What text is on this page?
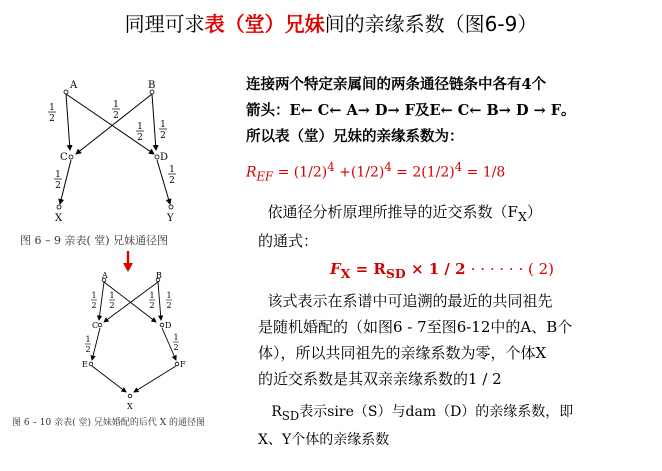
同理可求表（堂）兄妹间的亲缘系数（图6-9）
A	B
C	D
X	Y
1
2
1
2
1
2
1
2
1
2
1
2
图 6 – 9 亲表( 堂) 兄妹通径图
A	B
C	D
E	F
X
1
2
1
2
1
2
1
2
1
2
1
2
图 6 – 10 亲表( 堂) 兄妹婚配的后代 X 的通径图
连接两个特定亲属间的两条通径链条中各有4个
箭头：E← C← A→ D→ F及E← C← B→ D → F。
所以表（堂）兄妹的亲缘系数为：
$R_{EF} = (1/2)^4 +(1/2)^4 = 2(1/2)^4 = 1/8$
依通径分析原理所推导的近交系数$(F_X)$
的通式：
$F_X = R_{SD} \times 1 / 2$ · · · · · · ( 2)
该式表示在系谱中可追溯的最近的共同祖先
是随机婚配的（如图6 - 7至图6-12中的A、B个
体），所以共同祖先的亲缘系数为零，个体X
的近交系数是其双亲亲缘系数的1 / 2
$R_{SD}$表示sire（S）与dam（D）的亲缘系数，即
X、Y个体的亲缘系数
